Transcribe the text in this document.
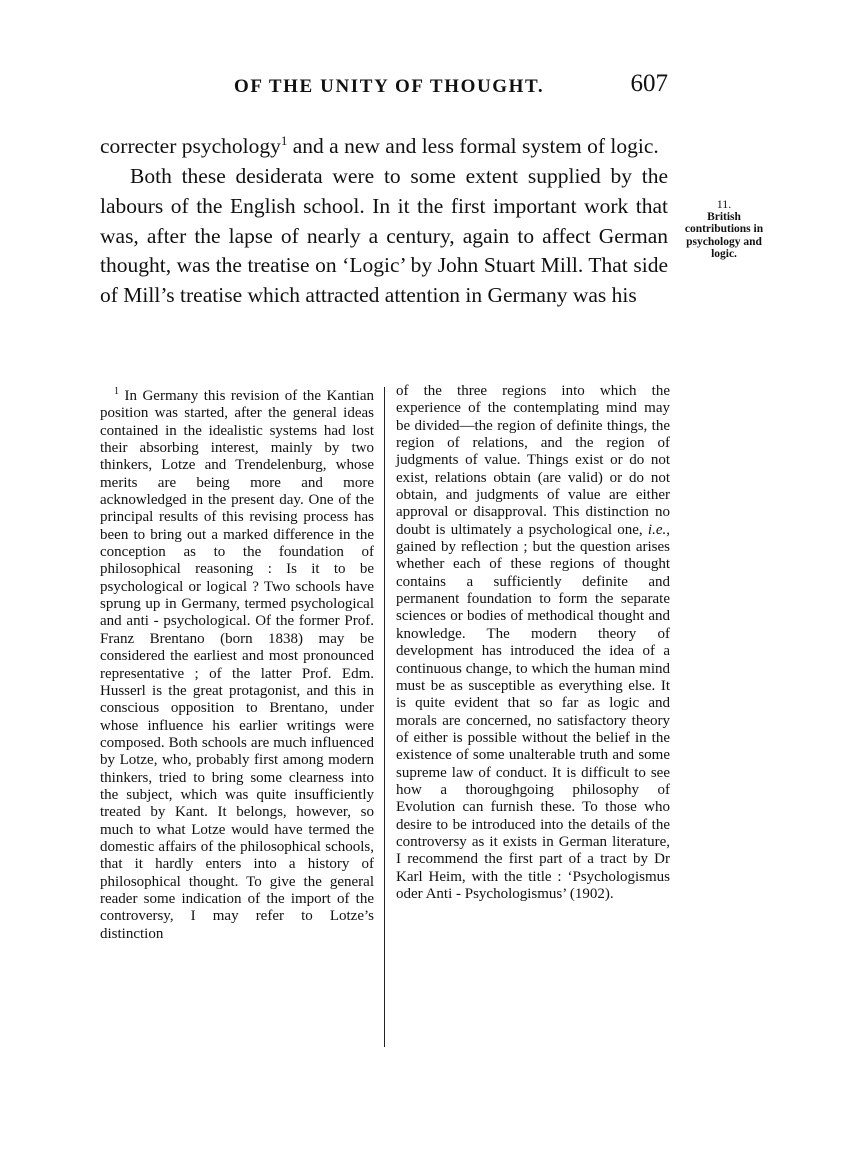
OF THE UNITY OF THOUGHT.	607

correcter psychology$^1$ and a new and less formal system of logic.

Both these desiderata were to some extent supplied by the labours of the English school. In it the first important work that was, after the lapse of nearly a century, again to affect German thought, was the treatise on ‘Logic’ by John Stuart Mill. That side of Mill’s treatise which attracted attention in Germany was his

11.
British contributions in psychology and logic.

$^1$ In Germany this revision of the Kantian position was started, after the general ideas contained in the idealistic systems had lost their absorbing interest, mainly by two thinkers, Lotze and Trendelenburg, whose merits are being more and more acknowledged in the present day. One of the principal results of this revising process has been to bring out a marked difference in the conception as to the foundation of philosophical reasoning : Is it to be psychological or logical ? Two schools have sprung up in Germany, termed psychological and anti - psychological. Of the former Prof. Franz Brentano (born 1838) may be considered the earliest and most pronounced representative ; of the latter Prof. Edm. Husserl is the great protagonist, and this in conscious opposition to Brentano, under whose influence his earlier writings were composed. Both schools are much influenced by Lotze, who, probably first among modern thinkers, tried to bring some clearness into the subject, which was quite insufficiently treated by Kant. It belongs, however, so much to what Lotze would have termed the domestic affairs of the philosophical schools, that it hardly enters into a history of philosophical thought. To give the general reader some indication of the import of the controversy, I may refer to Lotze’s distinction

of the three regions into which the experience of the contemplating mind may be divided—the region of definite things, the region of relations, and the region of judgments of value. Things exist or do not exist, relations obtain (are valid) or do not obtain, and judgments of value are either approval or disapproval. This distinction no doubt is ultimately a psychological one, i.e., gained by reflection ; but the question arises whether each of these regions of thought contains a sufficiently definite and permanent foundation to form the separate sciences or bodies of methodical thought and knowledge. The modern theory of development has introduced the idea of a continuous change, to which the human mind must be as susceptible as everything else. It is quite evident that so far as logic and morals are concerned, no satisfactory theory of either is possible without the belief in the existence of some unalterable truth and some supreme law of conduct. It is difficult to see how a thoroughgoing philosophy of Evolution can furnish these. To those who desire to be introduced into the details of the controversy as it exists in German literature, I recommend the first part of a tract by Dr Karl Heim, with the title : ‘Psychologismus oder Anti - Psychologismus’ (1902).
